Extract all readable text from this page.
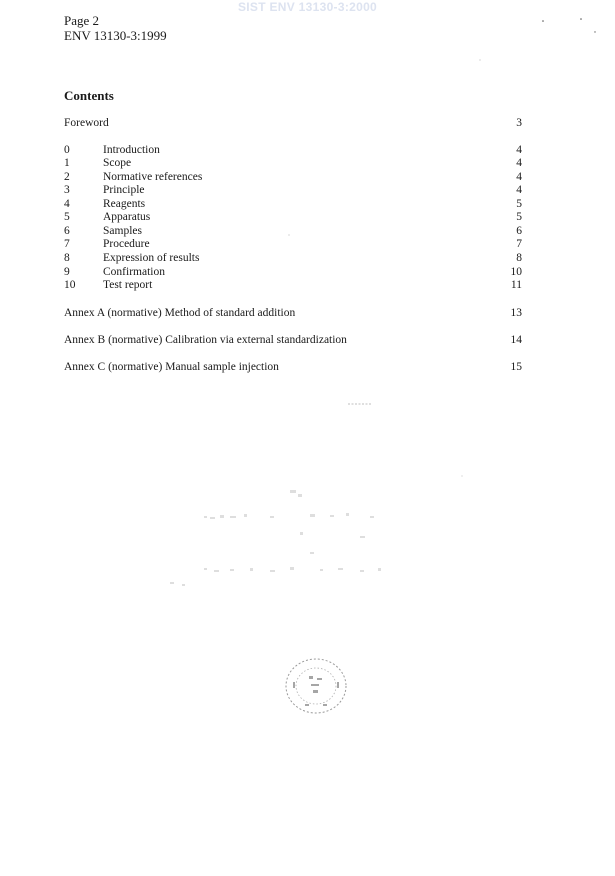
SIST ENV 13130-3:2000
Page 2
ENV 13130-3:1999
Contents
Foreword	3
0	Introduction	4
1	Scope	4
2	Normative references	4
3	Principle	4
4	Reagents	5
5	Apparatus	5
6	Samples	6
7	Procedure	7
8	Expression of results	8
9	Confirmation	10
10 Test report	11
Annex A (normative) Method of standard addition	13
Annex B (normative) Calibration via external standardization	14
Annex C (normative) Manual sample injection	15
